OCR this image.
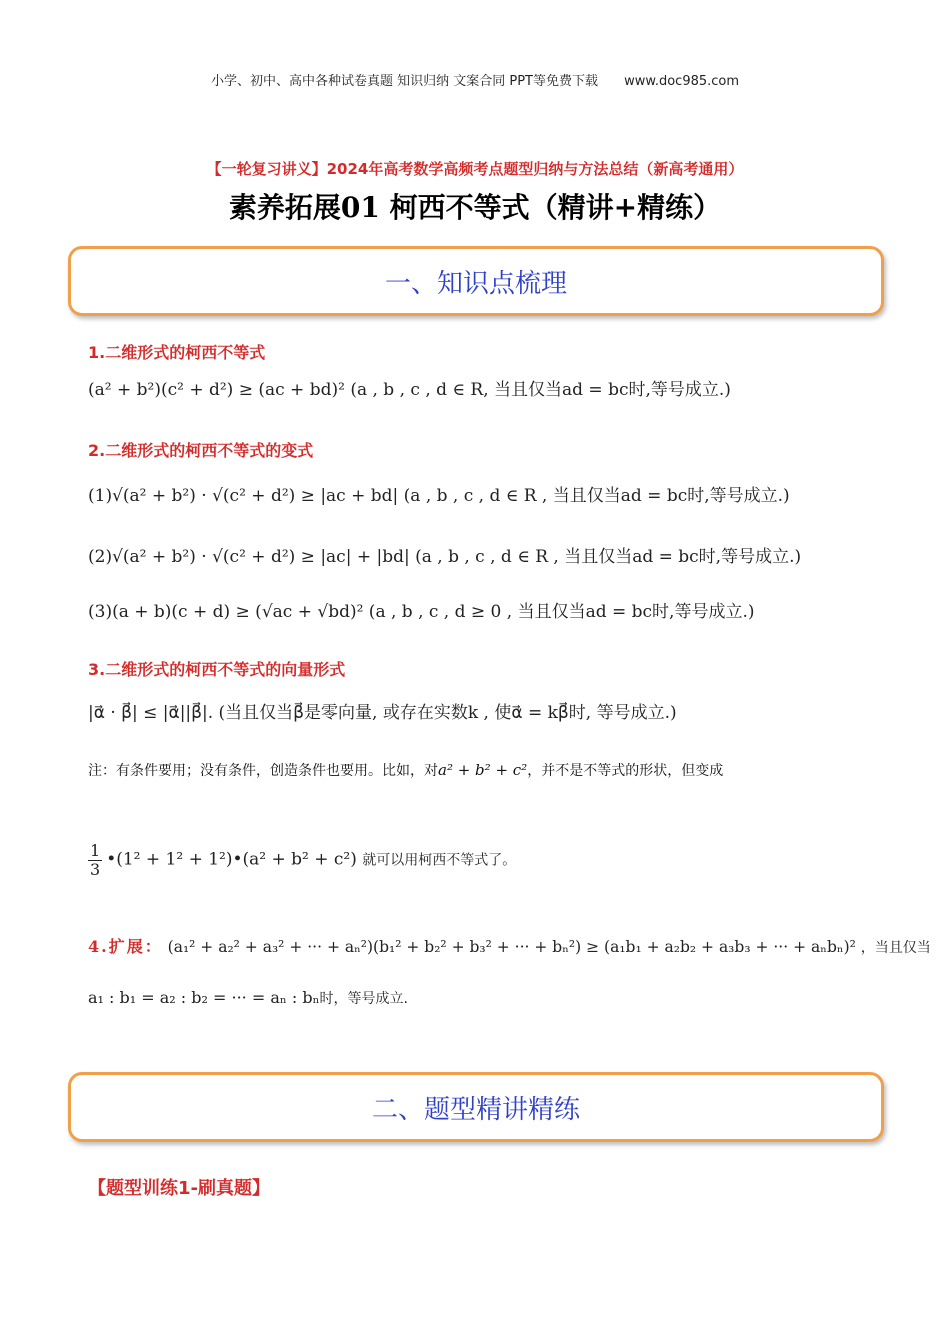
小学、初中、高中各种试卷真题 知识归纳 文案合同 PPT等免费下载 www.doc985.com
【一轮复习讲义】2024年高考数学高频考点题型归纳与方法总结（新高考通用）
素养拓展01 柯西不等式（精讲+精练）
一、知识点梳理
1.二维形式的柯西不等式
(a² + b²)(c² + d²) ≥ (ac + bd)² (a , b , c , d ∈ R, 当且仅当ad = bc时,等号成立.)
2.二维形式的柯西不等式的变式
(1)√(a² + b²) · √(c² + d²) ≥ |ac + bd| (a , b , c , d ∈ R , 当且仅当ad = bc时,等号成立.)
(2)√(a² + b²) · √(c² + d²) ≥ |ac| + |bd| (a , b , c , d ∈ R , 当且仅当ad = bc时,等号成立.)
(3)(a + b)(c + d) ≥ (√ac + √bd)² (a , b , c , d ≥ 0 , 当且仅当ad = bc时,等号成立.)
3.二维形式的柯西不等式的向量形式
|α⃗ · β⃗| ≤ |α⃗||β⃗|. (当且仅当β⃗是零向量, 或存在实数k , 使α⃗ = kβ⃗时, 等号成立.)
注：有条件要用；没有条件，创造条件也要用。比如，对a² + b² + c²，并不是不等式的形状，但变成
$\frac{1}{3}$ •(1² + 1² + 1²)•(a² + b² + c²) 就可以用柯西不等式了。
4.扩展： (a₁² + a₂² + a₃² + ··· + aₙ²)(b₁² + b₂² + b₃² + ··· + bₙ²) ≥ (a₁b₁ + a₂b₂ + a₃b₃ + ··· + aₙbₙ)² ，当且仅当
a₁ : b₁ = a₂ : b₂ = ··· = aₙ : bₙ时，等号成立.
二、题型精讲精练
【题型训练1-刷真题】
